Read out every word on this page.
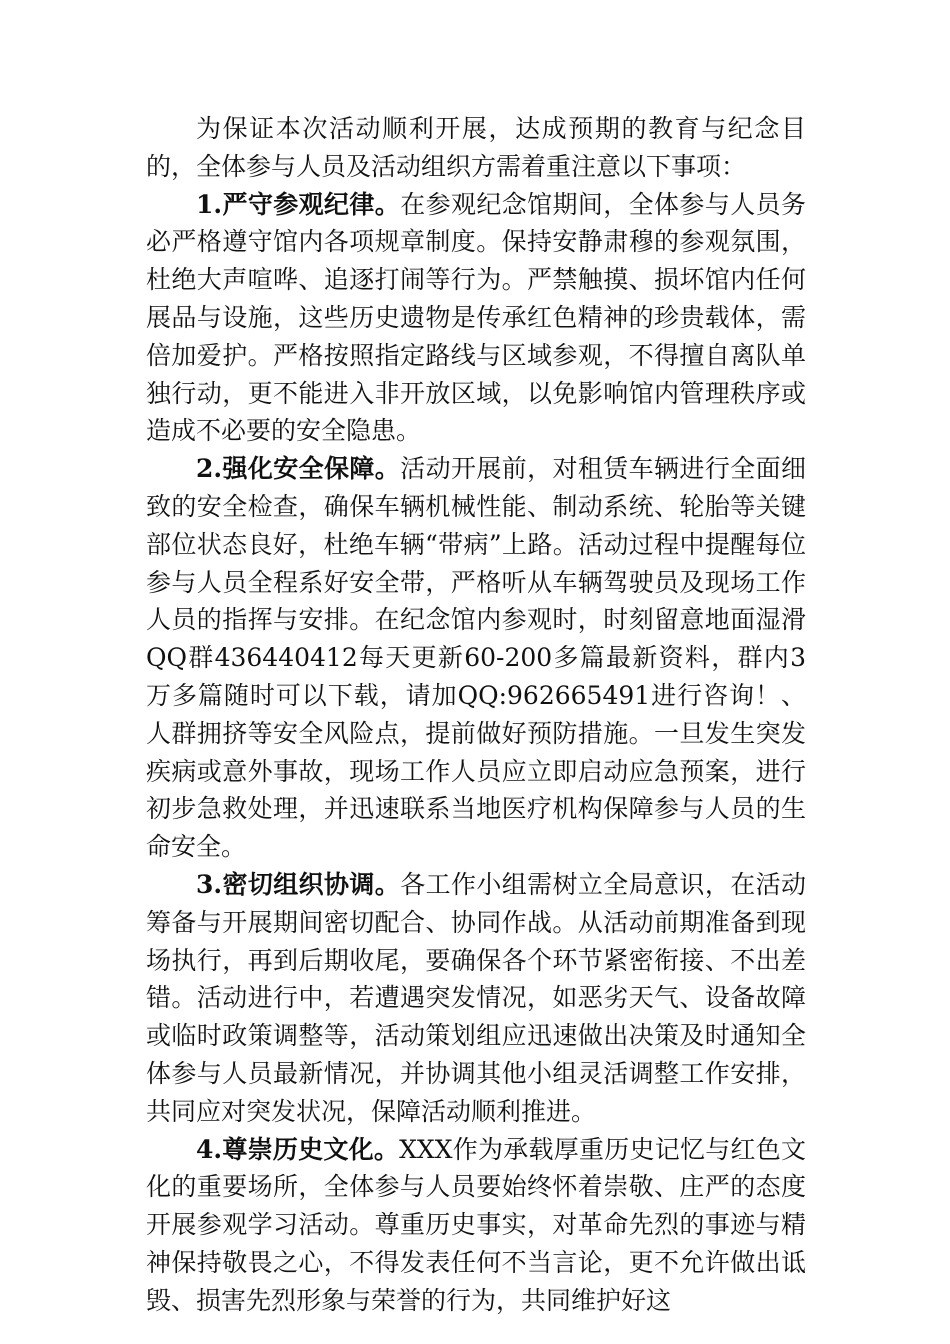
为保证本次活动顺利开展，达成预期的教育与纪念目的，全体参与人员及活动组织方需着重注意以下事项：

1.严守参观纪律。在参观纪念馆期间，全体参与人员务必严格遵守馆内各项规章制度。保持安静肃穆的参观氛围，杜绝大声喧哗、追逐打闹等行为。严禁触摸、损坏馆内任何展品与设施，这些历史遗物是传承红色精神的珍贵载体，需倍加爱护。严格按照指定路线与区域参观，不得擅自离队单独行动，更不能进入非开放区域，以免影响馆内管理秩序或造成不必要的安全隐患。

2.强化安全保障。活动开展前，对租赁车辆进行全面细致的安全检查，确保车辆机械性能、制动系统、轮胎等关键部位状态良好，杜绝车辆“带病”上路。活动过程中提醒每位参与人员全程系好安全带，严格听从车辆驾驶员及现场工作人员的指挥与安排。在纪念馆内参观时，时刻留意地面湿滑QQ群436440412每天更新60-200多篇最新资料，群内3万多篇随时可以下载，请加QQ:962665491进行咨询！、人群拥挤等安全风险点，提前做好预防措施。一旦发生突发疾病或意外事故，现场工作人员应立即启动应急预案，进行初步急救处理，并迅速联系当地医疗机构保障参与人员的生命安全。

3.密切组织协调。各工作小组需树立全局意识，在活动筹备与开展期间密切配合、协同作战。从活动前期准备到现场执行，再到后期收尾，要确保各个环节紧密衔接、不出差错。活动进行中，若遭遇突发情况，如恶劣天气、设备故障或临时政策调整等，活动策划组应迅速做出决策及时通知全体参与人员最新情况，并协调其他小组灵活调整工作安排，共同应对突发状况，保障活动顺利推进。

4.尊崇历史文化。XXX作为承载厚重历史记忆与红色文化的重要场所，全体参与人员要始终怀着崇敬、庄严的态度开展参观学习活动。尊重历史事实，对革命先烈的事迹与精神保持敬畏之心，不得发表任何不当言论，更不允许做出诋毁、损害先烈形象与荣誉的行为，共同维护好这
